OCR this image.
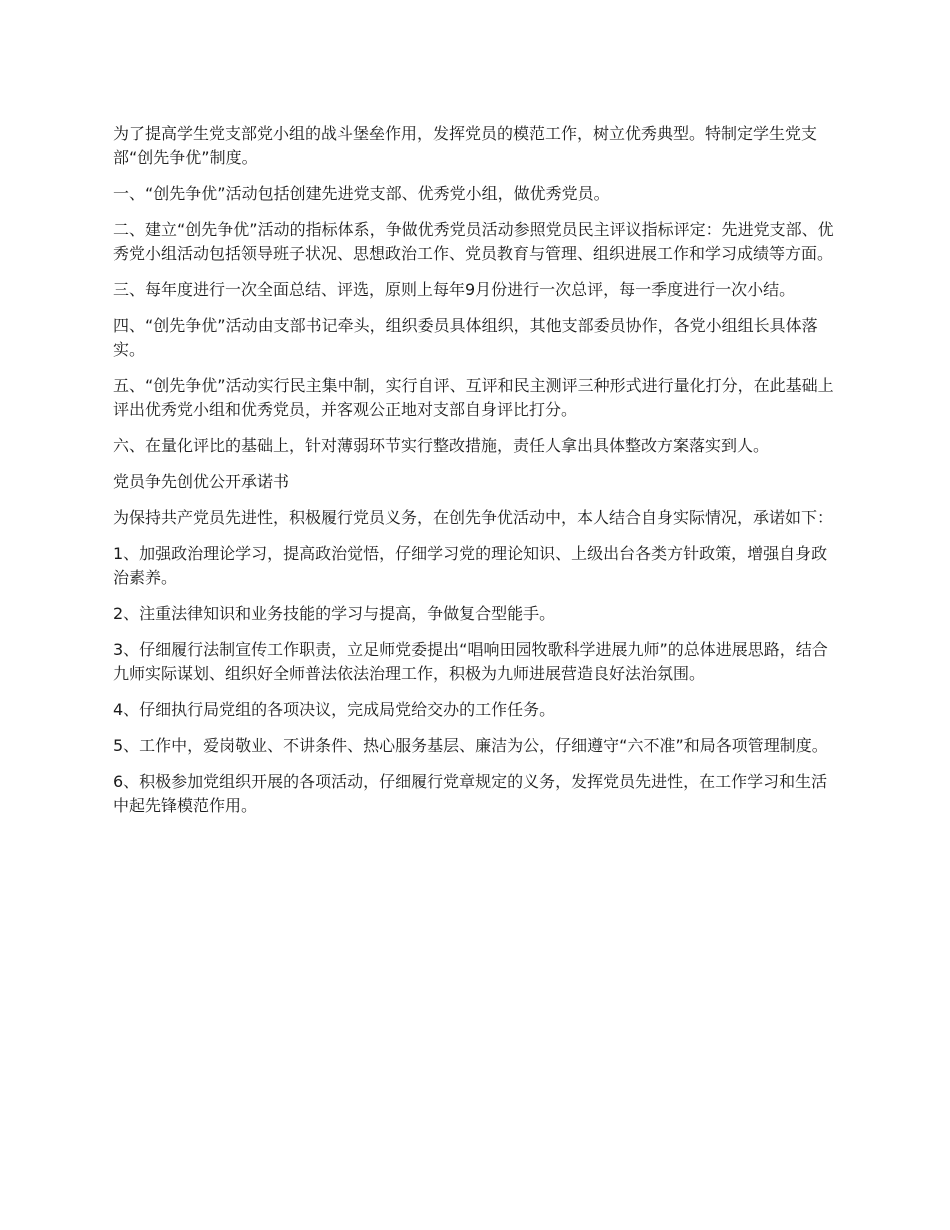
为了提高学生党支部党小组的战斗堡垒作用，发挥党员的模范工作，树立优秀典型。特制定学生党支部“创先争优”制度。

一、“创先争优”活动包括创建先进党支部、优秀党小组，做优秀党员。

二、建立“创先争优”活动的指标体系，争做优秀党员活动参照党员民主评议指标评定：先进党支部、优秀党小组活动包括领导班子状况、思想政治工作、党员教育与管理、组织进展工作和学习成绩等方面。

三、每年度进行一次全面总结、评选，原则上每年9月份进行一次总评，每一季度进行一次小结。

四、“创先争优”活动由支部书记牵头，组织委员具体组织，其他支部委员协作，各党小组组长具体落实。

五、“创先争优”活动实行民主集中制，实行自评、互评和民主测评三种形式进行量化打分，在此基础上评出优秀党小组和优秀党员，并客观公正地对支部自身评比打分。

六、在量化评比的基础上，针对薄弱环节实行整改措施，责任人拿出具体整改方案落实到人。

党员争先创优公开承诺书

为保持共产党员先进性，积极履行党员义务，在创先争优活动中，本人结合自身实际情况，承诺如下：

1、加强政治理论学习，提高政治觉悟，仔细学习党的理论知识、上级出台各类方针政策，增强自身政治素养。

2、注重法律知识和业务技能的学习与提高，争做复合型能手。

3、仔细履行法制宣传工作职责，立足师党委提出“唱响田园牧歌科学进展九师”的总体进展思路，结合九师实际谋划、组织好全师普法依法治理工作，积极为九师进展营造良好法治氛围。

4、仔细执行局党组的各项决议，完成局党给交办的工作任务。

5、工作中，爱岗敬业、不讲条件、热心服务基层、廉洁为公，仔细遵守“六不准”和局各项管理制度。

6、积极参加党组织开展的各项活动，仔细履行党章规定的义务，发挥党员先进性，在工作学习和生活中起先锋模范作用。
